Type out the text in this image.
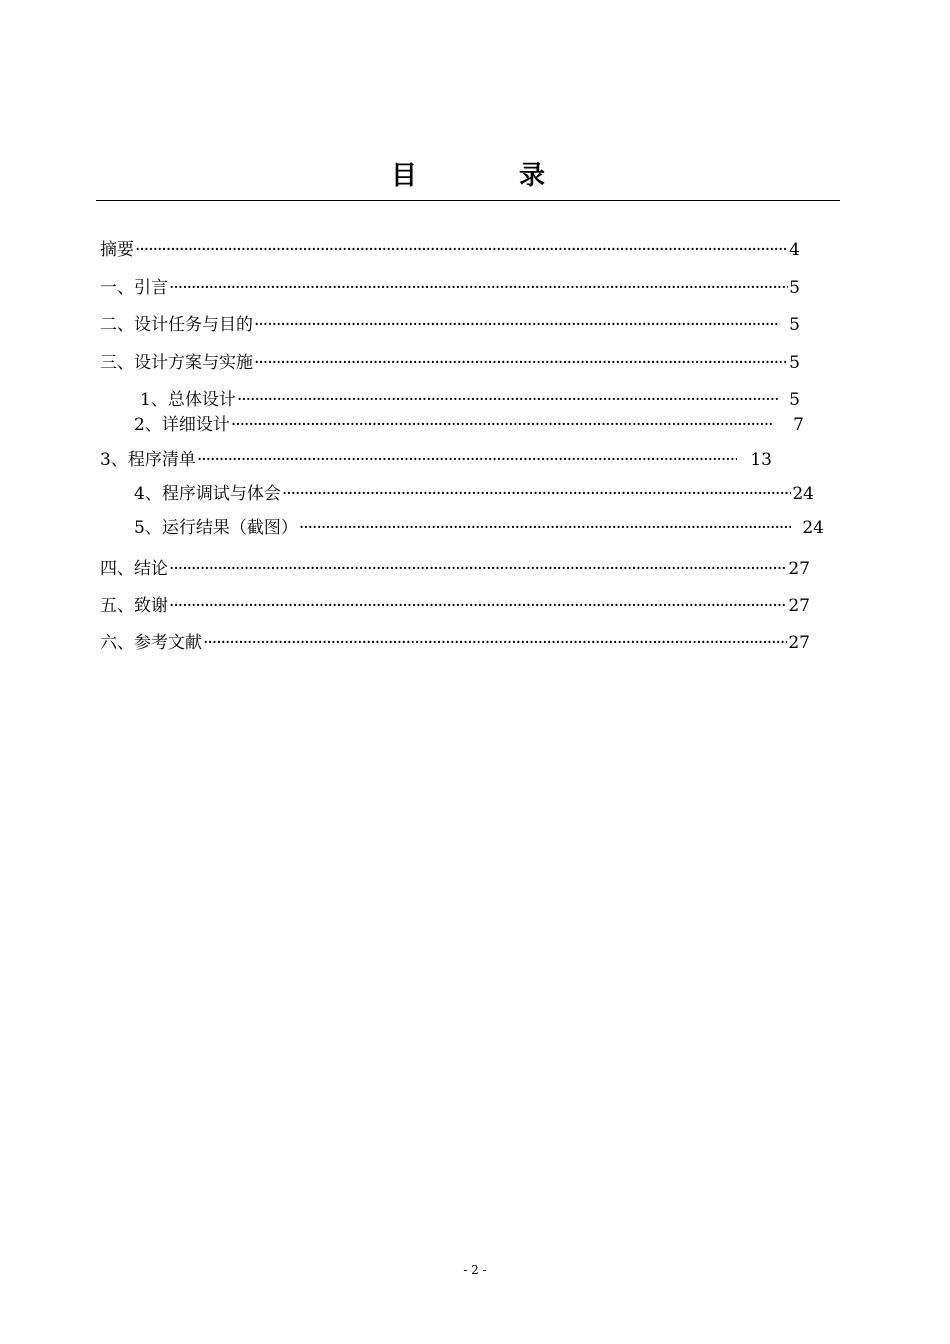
目　录
摘要 ·····	4
一、引言 ·····	5
二、设计任务与目的 ·····	5
三、设计方案与实施 ·····	5
1、总体设计 ·····	5
2、详细设计 ·····	7
3、程序清单 ·····	13
4、程序调试与体会 ·····	24
5、运行结果（截图） ·····	24
四、结论 ·····	27
五、致谢 ·····	27
六、参考文献 ·····	27
- 2 -
